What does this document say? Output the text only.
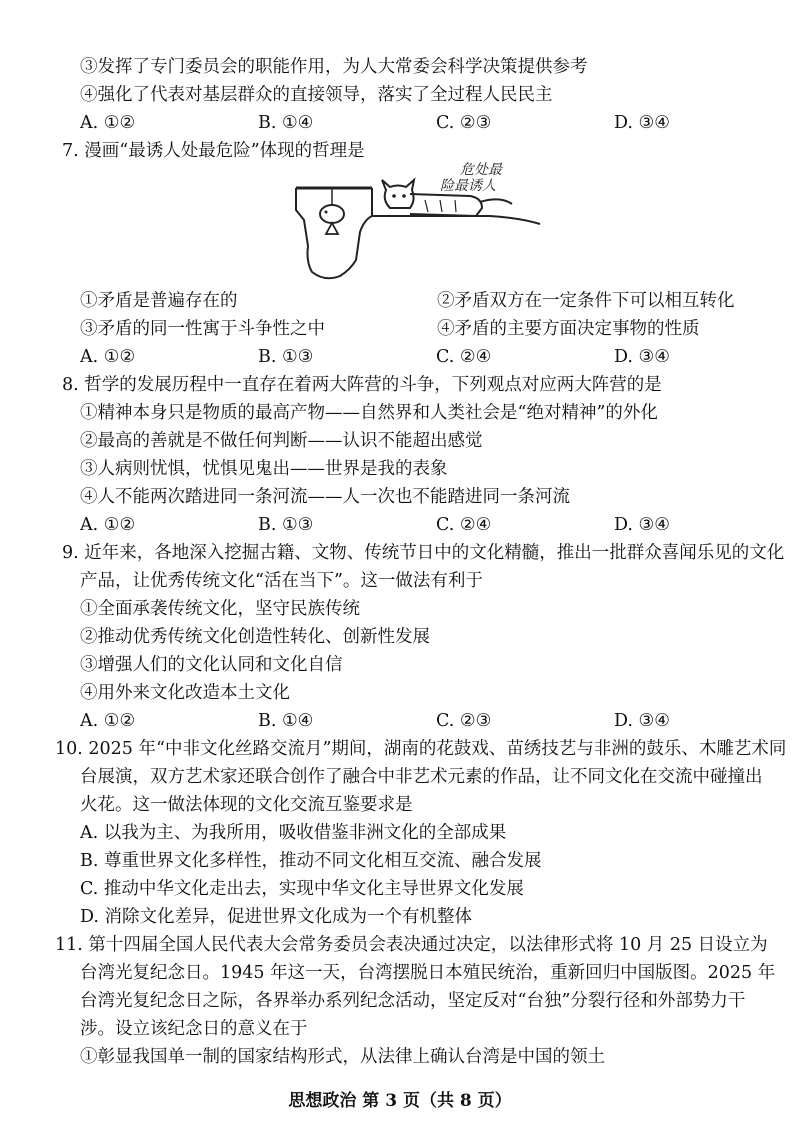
③发挥了专门委员会的职能作用，为人大常委会科学决策提供参考
④强化了代表对基层群众的直接领导，落实了全过程人民民主
A. ①②	B. ①④	C. ②③	D. ③④
7. 漫画“最诱人处最危险”体现的哲理是
危处最
险最诱人
①矛盾是普遍存在的	②矛盾双方在一定条件下可以相互转化
③矛盾的同一性寓于斗争性之中	④矛盾的主要方面决定事物的性质
A. ①②	B. ①③	C. ②④	D. ③④
8. 哲学的发展历程中一直存在着两大阵营的斗争，下列观点对应两大阵营的是
①精神本身只是物质的最高产物——自然界和人类社会是“绝对精神”的外化
②最高的善就是不做任何判断——认识不能超出感觉
③人病则忧惧，忧惧见鬼出——世界是我的表象
④人不能两次踏进同一条河流——人一次也不能踏进同一条河流
A. ①②	B. ①③	C. ②④	D. ③④
9. 近年来，各地深入挖掘古籍、文物、传统节日中的文化精髓，推出一批群众喜闻乐见的文化
产品，让优秀传统文化“活在当下”。这一做法有利于
①全面承袭传统文化，坚守民族传统
②推动优秀传统文化创造性转化、创新性发展
③增强人们的文化认同和文化自信
④用外来文化改造本土文化
A. ①②	B. ①④	C. ②③	D. ③④
10. 2025 年“中非文化丝路交流月”期间，湖南的花鼓戏、苗绣技艺与非洲的鼓乐、木雕艺术同
台展演，双方艺术家还联合创作了融合中非艺术元素的作品，让不同文化在交流中碰撞出
火花。这一做法体现的文化交流互鉴要求是
A. 以我为主、为我所用，吸收借鉴非洲文化的全部成果
B. 尊重世界文化多样性，推动不同文化相互交流、融合发展
C. 推动中华文化走出去，实现中华文化主导世界文化发展
D. 消除文化差异，促进世界文化成为一个有机整体
11. 第十四届全国人民代表大会常务委员会表决通过决定，以法律形式将 10 月 25 日设立为
台湾光复纪念日。1945 年这一天，台湾摆脱日本殖民统治，重新回归中国版图。2025 年
台湾光复纪念日之际，各界举办系列纪念活动，坚定反对“台独”分裂行径和外部势力干
涉。设立该纪念日的意义在于
①彰显我国单一制的国家结构形式，从法律上确认台湾是中国的领土
思想政治 第 3 页（共 8 页）
